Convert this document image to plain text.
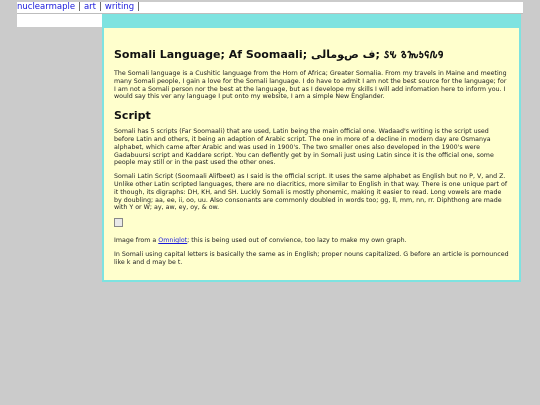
nuclearmaple | art | writing |
Somali Language; Af Soomaali; ﻑ ﺹﻮﻣﺎﻟﻰ; 𐒖𐒍 𐒈𐒝𐒑𐒛𐒐𐒘

The Somali language is a Cushitic language from the Horn of Africa; Greater Somalia. From my travels in Maine and meeting many Somali people, I gain a love for the Somali language. I do have to admit I am not the best source for the language; for I am not a Somali person nor the best at the language, but as I develope my skills I will add infomation here to inform you. I would say this ver any language I put onto my website, I am a simple New Englander.

Script

Somali has 5 scripts (Far Soomaali) that are used, Latin being the main official one. Wadaad's writing is the script used before Latin and others, it being an adaption of Arabic script. The one in more of a decline in modern day are Osmanya alphabet, which came after Arabic and was used in 1900's. The two smaller ones also developed in the 1900's were Gadabuursi script and Kaddare script. You can deflently get by in Somali just using Latin since it is the official one, some people may still or in the past used the other ones.

Somali Latin Script (Soomaali Alifbeet) as I said is the official script. It uses the same alphabet as English but no P, V, and Z. Unlike other Latin scripted languages, there are no diacritics, more similar to English in that way. There is one unique part of it though, its digraphs: DH, KH, and SH. Luckly Somali is mostly phonemic, making it easier to read. Long vowels are made by doubling; aa, ee, ii, oo, uu. Also consonants are commonly doubled in words too; gg, ll, mm, nn, rr. Diphthong are made with Y or W; ay, aw, ey, oy, & ow.

Image from a Omniglot; this is being used out of convience, too lazy to make my own graph.

In Somali using capital letters is basically the same as in English; proper nouns capitalized. G before an article is pornounced like k and d may be t.
